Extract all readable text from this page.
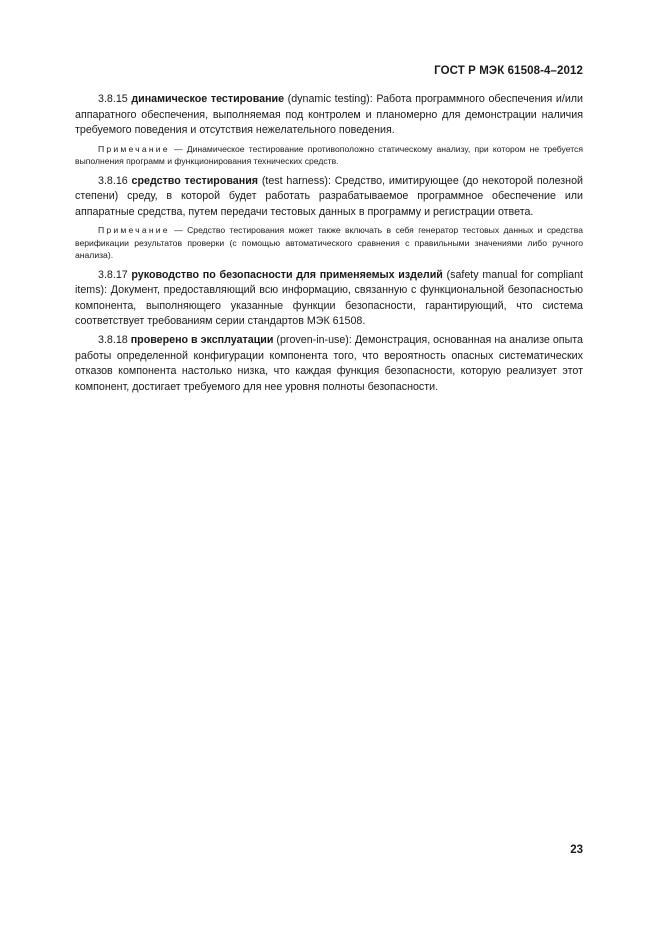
ГОСТ Р МЭК 61508-4–2012

3.8.15 динамическое тестирование (dynamic testing): Работа программного обеспечения и/или аппаратного обеспечения, выполняемая под контролем и планомерно для демонстрации наличия требуемого поведения и отсутствия нежелательного поведения.

Примечание — Динамическое тестирование противоположно статическому анализу, при котором не требуется выполнения программ и функционирования технических средств.

3.8.16 средство тестирования (test harness): Средство, имитирующее (до некоторой полезной степени) среду, в которой будет работать разрабатываемое программное обеспечение или аппаратные средства, путем передачи тестовых данных в программу и регистрации ответа.

Примечание — Средство тестирования может также включать в себя генератор тестовых данных и средства верификации результатов проверки (с помощью автоматического сравнения с правильными значениями либо ручного анализа).

3.8.17 руководство по безопасности для применяемых изделий (safety manual for compliant items): Документ, предоставляющий всю информацию, связанную с функциональной безопасностью компонента, выполняющего указанные функции безопасности, гарантирующий, что система соответствует требованиям серии стандартов МЭК 61508.

3.8.18 проверено в эксплуатации (proven-in-use): Демонстрация, основанная на анализе опыта работы определенной конфигурации компонента того, что вероятность опасных систематических отказов компонента настолько низка, что каждая функция безопасности, которую реализует этот компонент, достигает требуемого для нее уровня полноты безопасности.

23
